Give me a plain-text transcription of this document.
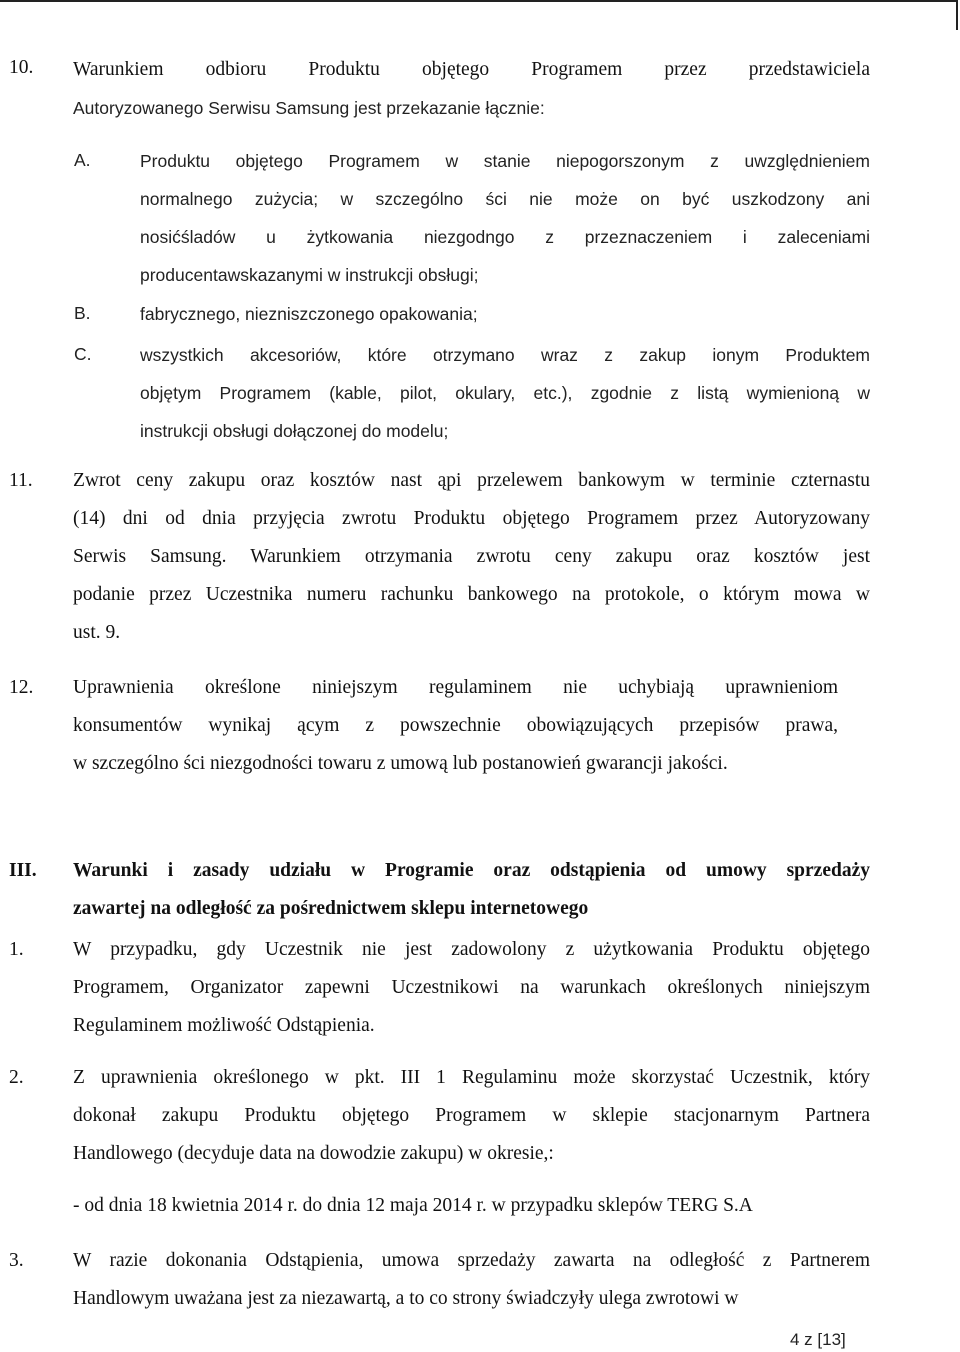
10. Warunkiem odbioru Produktu objętego Programem przez przedstawiciela
Autoryzowanego Serwisu Samsung jest przekazanie łącznie:
A.	Produktu objętego Programem w stanie niepogorszonym z uwzględnieniem
normalnego zużycia; w szczególno ści nie może on być uszkodzony ani
nosićśladów u żytkowania niezgodngo z przeznaczeniem i zaleceniami
producentawskazanymi w instrukcji obsługi;
B.	fabrycznego, niezniszczonego opakowania;
C.	wszystkich akcesoriów, które otrzymano wraz z zakup ionym Produktem
objętym Programem (kable, pilot, okulary, etc.), zgodnie z listą wymienioną w
instrukcji obsługi dołączonej do modelu;
11. Zwrot ceny zakupu oraz kosztów nast ąpi przelewem bankowym w terminie czternastu
(14) dni od dnia przyjęcia zwrotu Produktu objętego Programem przez Autoryzowany
Serwis Samsung. Warunkiem otrzymania zwrotu ceny zakupu oraz kosztów jest
podanie przez Uczestnika numeru rachunku bankowego na protokole, o którym mowa w
ust. 9.
12. Uprawnienia określone niniejszym regulaminem nie uchybiają uprawnieniom
konsumentów wynikaj ącym z powszechnie obowiązujących przepisów prawa,
w szczególno ści niezgodności towaru z umową lub postanowień gwarancji jakości.
III. Warunki i zasady udziału w Programie oraz odstąpienia od umowy sprzedaży
zawartej na odległość za pośrednictwem sklepu internetowego
1.	W przypadku, gdy Uczestnik nie jest zadowolony z użytkowania Produktu objętego
Programem, Organizator zapewni Uczestnikowi na warunkach określonych niniejszym
Regulaminem możliwość Odstąpienia.
2.	Z uprawnienia określonego w pkt. III 1 Regulaminu może skorzystać Uczestnik, który
dokonał zakupu Produktu objętego Programem w sklepie stacjonarnym Partnera
Handlowego (decyduje data na dowodzie zakupu) w okresie,:
- od dnia 18 kwietnia 2014 r. do dnia 12 maja 2014 r. w przypadku sklepów TERG S.A
3.	W razie dokonania Odstąpienia, umowa sprzedaży zawarta na odległość z Partnerem
Handlowym uważana jest za niezawartą, a to co strony świadczyły ulega zwrotowi w
4 z [13]
